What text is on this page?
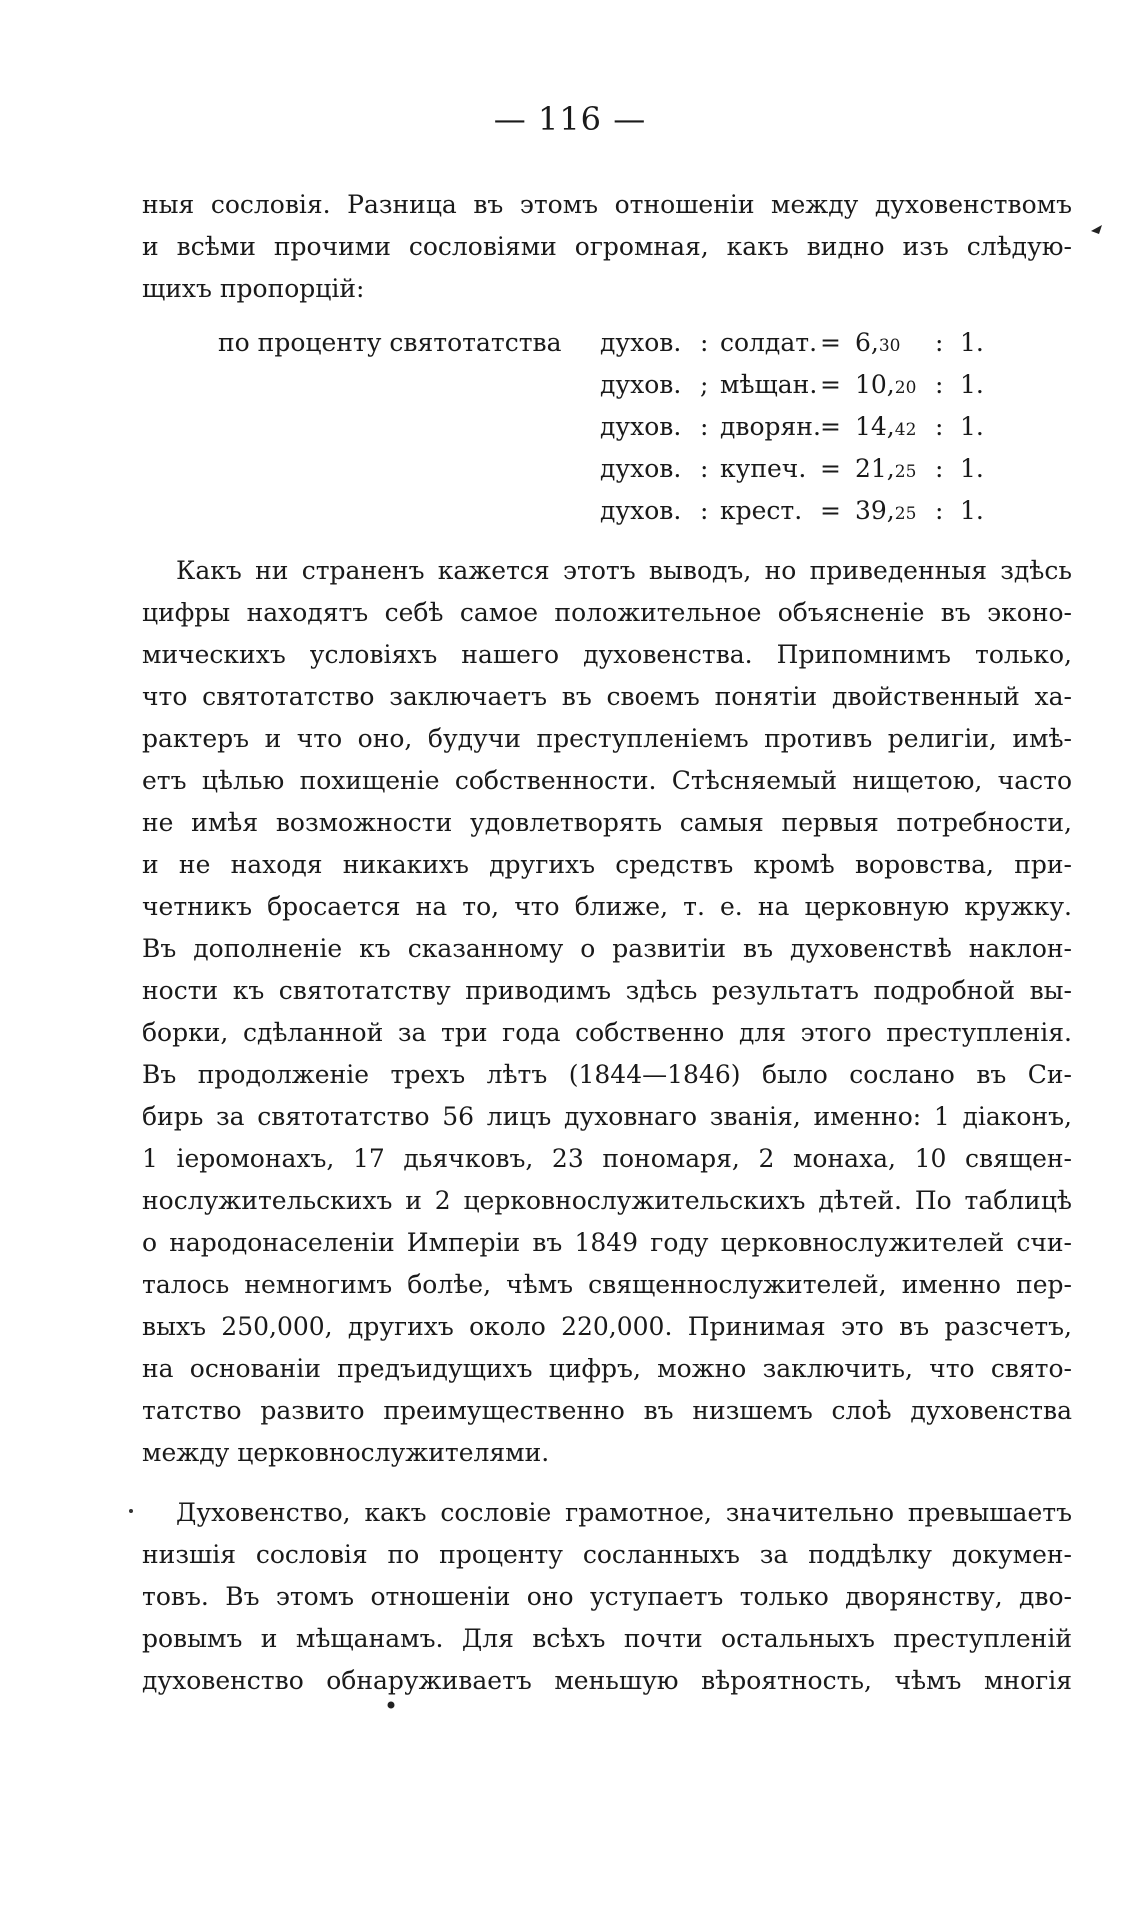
— 116 —
ныя сословія. Разница въ этомъ отношеніи между духовенствомъ
и всѣми прочими сословіями огромная, какъ видно изъ слѣдую-
щихъ пропорцій:
по проценту святотатства духов. : солдат. = 6,30 : 1.
духов. ; мѣщан. = 10,20 : 1.
духов. : дворян. = 14,42 : 1.
духов. : купеч. = 21,25 : 1.
духов. : крест. = 39,25 : 1.
Какъ ни страненъ кажется этотъ выводъ, но приведенныя здѣсь
цифры находятъ себѣ самое положительное объясненіе въ эконо-
мическихъ условіяхъ нашего духовенства. Припомнимъ только,
что святотатство заключаетъ въ своемъ понятіи двойственный ха-
рактеръ и что оно, будучи преступленіемъ противъ религіи, имѣ-
етъ цѣлью похищеніе собственности. Стѣсняемый нищетою, часто
не имѣя возможности удовлетворять самыя первыя потребности,
и не находя никакихъ другихъ средствъ кромѣ воровства, при-
четникъ бросается на то, что ближе, т. е. на церковную кружку.
Въ дополненіе къ сказанному о развитіи въ духовенствѣ наклон-
ности къ святотатству приводимъ здѣсь результатъ подробной вы-
борки, сдѣланной за три года собственно для этого преступленія.
Въ продолженіе трехъ лѣтъ (1844—1846) было сослано въ Си-
бирь за святотатство 56 лицъ духовнаго званія, именно: 1 діаконъ,
1 іеромонахъ, 17 дьячковъ, 23 пономаря, 2 монаха, 10 священ-
нослужительскихъ и 2 церковнослужительскихъ дѣтей. По таблицѣ
о народонаселеніи Имперіи въ 1849 году церковнослужителей счи-
талось немногимъ болѣе, чѣмъ священнослужителей, именно пер-
выхъ 250,000, другихъ около 220,000. Принимая это въ разсчетъ,
на основаніи предъидущихъ цифръ, можно заключить, что свято-
татство развито преимущественно въ низшемъ слоѣ духовенства
между церковнослужителями.
Духовенство, какъ сословіе грамотное, значительно превышаетъ
низшія сословія по проценту сосланныхъ за поддѣлку докумен-
товъ. Въ этомъ отношеніи оно уступаетъ только дворянству, дво-
ровымъ и мѣщанамъ. Для всѣхъ почти остальныхъ преступленій
духовенство обнаруживаетъ меньшую вѣроятность, чѣмъ многія
